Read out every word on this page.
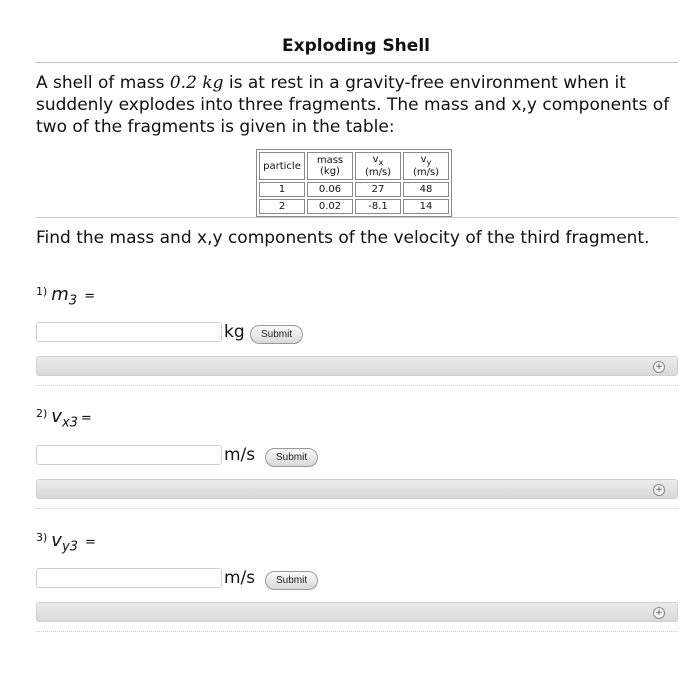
Exploding Shell
A shell of mass 0.2 kg is at rest in a gravity-free environment when it suddenly explodes into three fragments. The mass and x,y components of two of the fragments is given in the table:
particle	mass (kg)	$v_x$ (m/s)	$v_y$ (m/s)
1	0.06	27	48
2	0.02	-8.1	14
Find the mass and x,y components of the velocity of the third fragment.
$^{1)}$ $m_3$ =
kg	Submit
+
$^{2)}$ $v_{x3}$ =
m/s	Submit
+
$^{3)}$ $v_{y3}$ =
m/s	Submit
+
